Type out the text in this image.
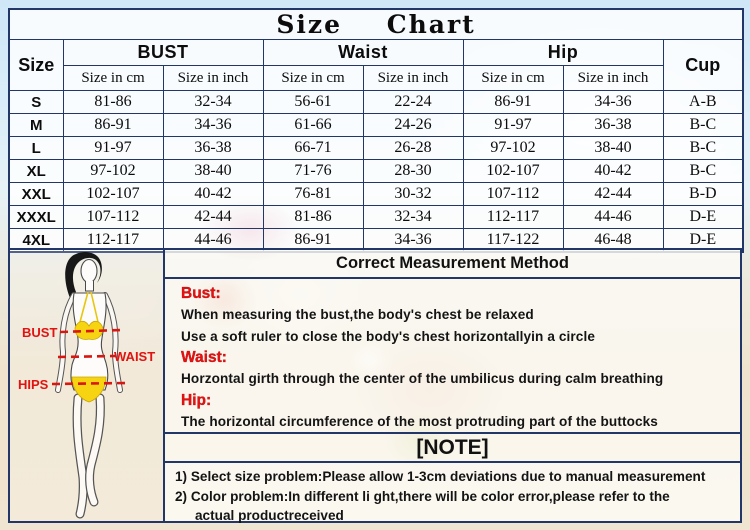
Size Chart							
Size	BUST		Waist		Hip		Cup
	Size in cm	Size in inch	Size in cm	Size in inch	Size in cm	Size in inch	
S	81-86	32-34	56-61	22-24	86-91	34-36	A-B
M	86-91	34-36	61-66	24-26	91-97	36-38	B-C
L	91-97	36-38	66-71	26-28	97-102	38-40	B-C
XL	97-102	38-40	71-76	28-30	102-107	40-42	B-C
XXL	102-107	40-42	76-81	30-32	107-112	42-44	B-D
XXXL	107-112	42-44	81-86	32-34	112-117	44-46	D-E
4XL	112-117	44-46	86-91	34-36	117-122	46-48	D-E
BUST
WAIST
HIPS
Correct Measurement Method
Bust:
When measuring the bust,the body's chest be relaxed
Use a soft ruler to close the body's chest horizontallyin a circle
Waist:
Horzontal girth through the center of the umbilicus during calm breathing
Hip:
The horizontal circumference of the most protruding part of the buttocks
[NOTE]
1) Select size problem:Please allow 1-3cm deviations due to manual measurement
2) Color problem:In different li ght,there will be color error,please refer to the
actual productreceived
